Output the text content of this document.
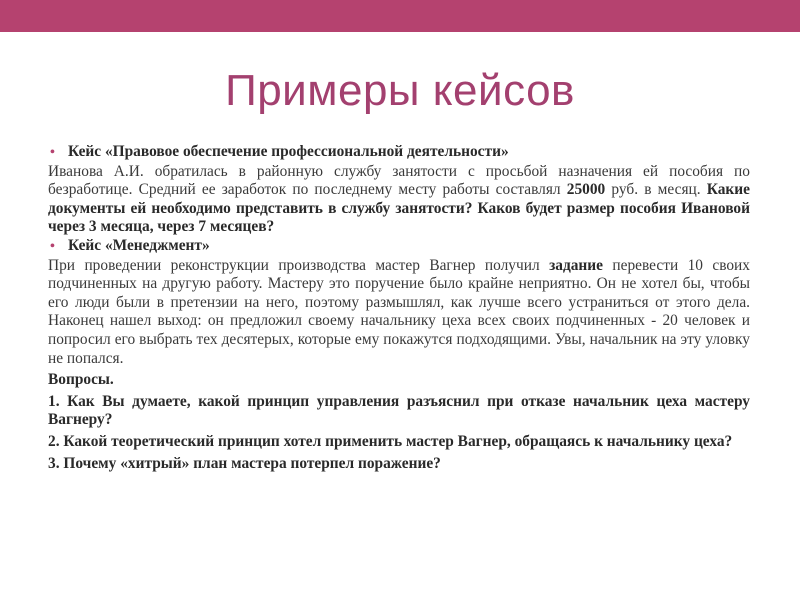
Примеры кейсов

• Кейс «Правовое обеспечение профессиональной деятельности»

Иванова А.И. обратилась в районную службу занятости с просьбой назначения ей пособия по безработице. Средний ее заработок по последнему месту работы составлял 25000 руб. в месяц. Какие документы ей необходимо представить в службу занятости? Каков будет размер пособия Ивановой через 3 месяца, через 7 месяцев?

• Кейс «Менеджмент»

При проведении реконструкции производства мастер Вагнер получил задание перевести 10 своих подчиненных на другую работу. Мастеру это поручение было крайне неприятно. Он не хотел бы, чтобы его люди были в претензии на него, поэтому размышлял, как лучше всего устраниться от этого дела. Наконец нашел выход: он предложил своему начальнику цеха всех своих подчиненных - 20 человек и попросил его выбрать тех десятерых, которые ему покажутся подходящими. Увы, начальник на эту уловку не попался.

Вопросы.

1. Как Вы думаете, какой принцип управления разъяснил при отказе начальник цеха мастеру Вагнеру?

2. Какой теоретический принцип хотел применить мастер Вагнер, обращаясь к начальнику цеха?

3. Почему «хитрый» план мастера потерпел поражение?
